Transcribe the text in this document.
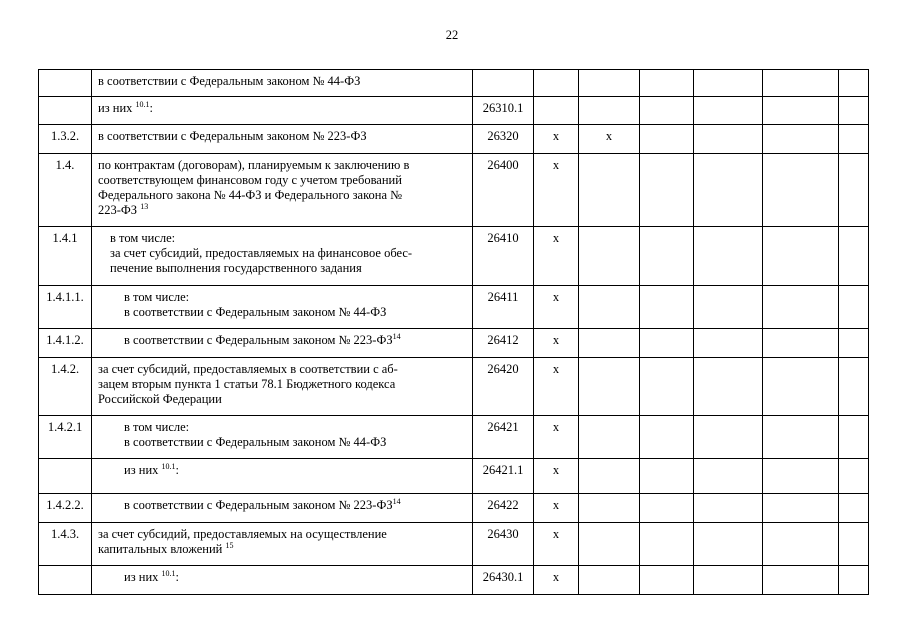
22

	в соответствии с Федеральным законом № 44-ФЗ							

	из них $^{10.1}$:	26310.1						
1.3.2.	в соответствии с Федеральным законом № 223-ФЗ	26320	х	х				
1.4.	по контрактам (договорам), планируемым к заключению в
соответствующем финансовом году с учетом требований
Федерального закона № 44-ФЗ и Федерального закона №
223-ФЗ $^{13}$	26400	х					
1.4.1	в том числе:
за счет субсидий, предоставляемых на финансовое обес-
печение выполнения государственного задания	26410	х					
1.4.1.1.	в том числе:
в соответствии с Федеральным законом № 44-ФЗ	26411	х					
1.4.1.2.	в соответствии с Федеральным законом № 223-ФЗ$^{14}$	26412	х					
1.4.2.	за счет субсидий, предоставляемых в соответствии с аб-
зацем вторым пункта 1 статьи 78.1 Бюджетного кодекса
Российской Федерации	26420	х					
1.4.2.1	в том числе:
в соответствии с Федеральным законом № 44-ФЗ	26421	х					

	из них $^{10.1}$:	26421.1	х					
1.4.2.2.	в соответствии с Федеральным законом № 223-ФЗ$^{14}$	26422	х					
1.4.3.	за счет субсидий, предоставляемых на осуществление
капитальных вложений $^{15}$	26430	х					

	из них $^{10.1}$:	26430.1	х					
